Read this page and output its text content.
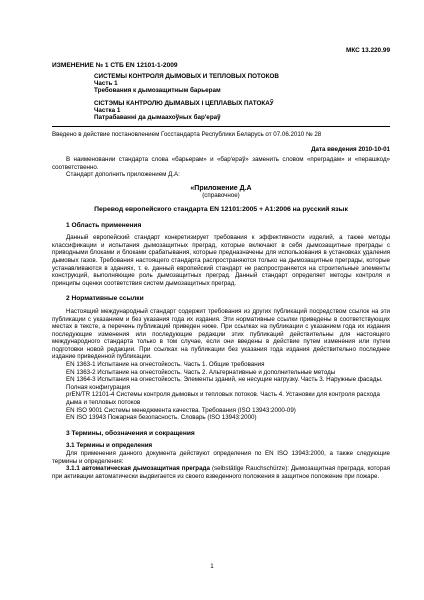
МКС 13.220.99
ИЗМЕНЕНИЕ № 1 СТБ EN 12101-1-2009
СИСТЕМЫ КОНТРОЛЯ ДЫМОВЫХ И ТЕПЛОВЫХ ПОТОКОВ
Часть 1
Требования к дымозащитным барьерам
СІСТЭМЫ КАНТРОЛЮ ДЫМАВЫХ І ЦЕПЛАВЫХ ПАТОКАЎ
Частка 1
Патрабаванні да дымаахоўных бар'ераў
Введено в действие постановлением Госстандарта Республики Беларусь от 07.06.2010 № 28
Дата введения 2010-10-01

В наименовании стандарта слова «барьерам» и «бар'ераў» заменить словом «преградам» и «перашкод» соответственно.

Стандарт дополнить приложением Д.А:

«Приложение Д.А

(справочное)

Перевод европейского стандарта EN 12101:2005 + A1:2006 на русский язык

1 Область применения

Данный европейский стандарт конкретизирует требования к эффективности изделий, а также методы классификации и испытания дымозащитных преград, которые включают в себя дымозащитные преграды с приводными блоками и блоками срабатывания, которые предназначены для использования в установках удаления дымовых газов. Требования настоящего стандарта распространяются только на дымозащитные преграды, которые устанавливаются в зданиях, т. е. данный европейский стандарт не распространяется на строительные элементы конструкций, выполняющие роль дымозащитных преград. Данный стандарт определяет методы контроля и принципы оценки соответствия систем дымозащитных преград.

2 Нормативные ссылки

Настоящий международный стандарт содержит требования из других публикаций посредством ссылок на эти публикации с указанием и без указания года их издания. Эти нормативные ссылки приведены в соответствующих местах в тексте, а перечень публикаций приведен ниже. При ссылках на публикации с указанием года их издания последующие изменения или последующие редакции этих публикаций действительны для настоящего международного стандарта только в том случае, если они введены в действие путем изменения или путем подготовки новой редакции. При ссылках на публикации без указания года издания действительно последнее издание приведенной публикации.

EN 1363-1 Испытание на огнестойкость. Часть 1. Общие требования

EN 1363-2 Испытание на огнестойкость. Часть 2. Альтернативные и дополнительные методы

EN 1364-3 Испытания на огнестойкость. Элементы зданий, не несущие нагрузку. Часть 3. Наружные фасады. Полная конфигурация

prEN/TR 12101-4 Системы контроля дымовых и тепловых потоков. Часть 4. Установки для контроля расхода дыма и тепловых потоков

EN ISO 9001 Системы менеджмента качества. Требования (ISO 13943:2000-09)

EN ISO 13943 Пожарная безопасность. Словарь (ISO 13943:2000)

3 Термины, обозначения и сокращения

3.1 Термины и определения

Для применения данного документа действуют определения по EN ISO 13943:2000, а также следующие термины и определения:

3.1.1 автоматическая дымозащитная преграда (selbstätige Rauchschürze): Дымозащитная преграда, которая при активации автоматически выдвигается из своего взведенного положения в защитное положение при пожаре.

1
